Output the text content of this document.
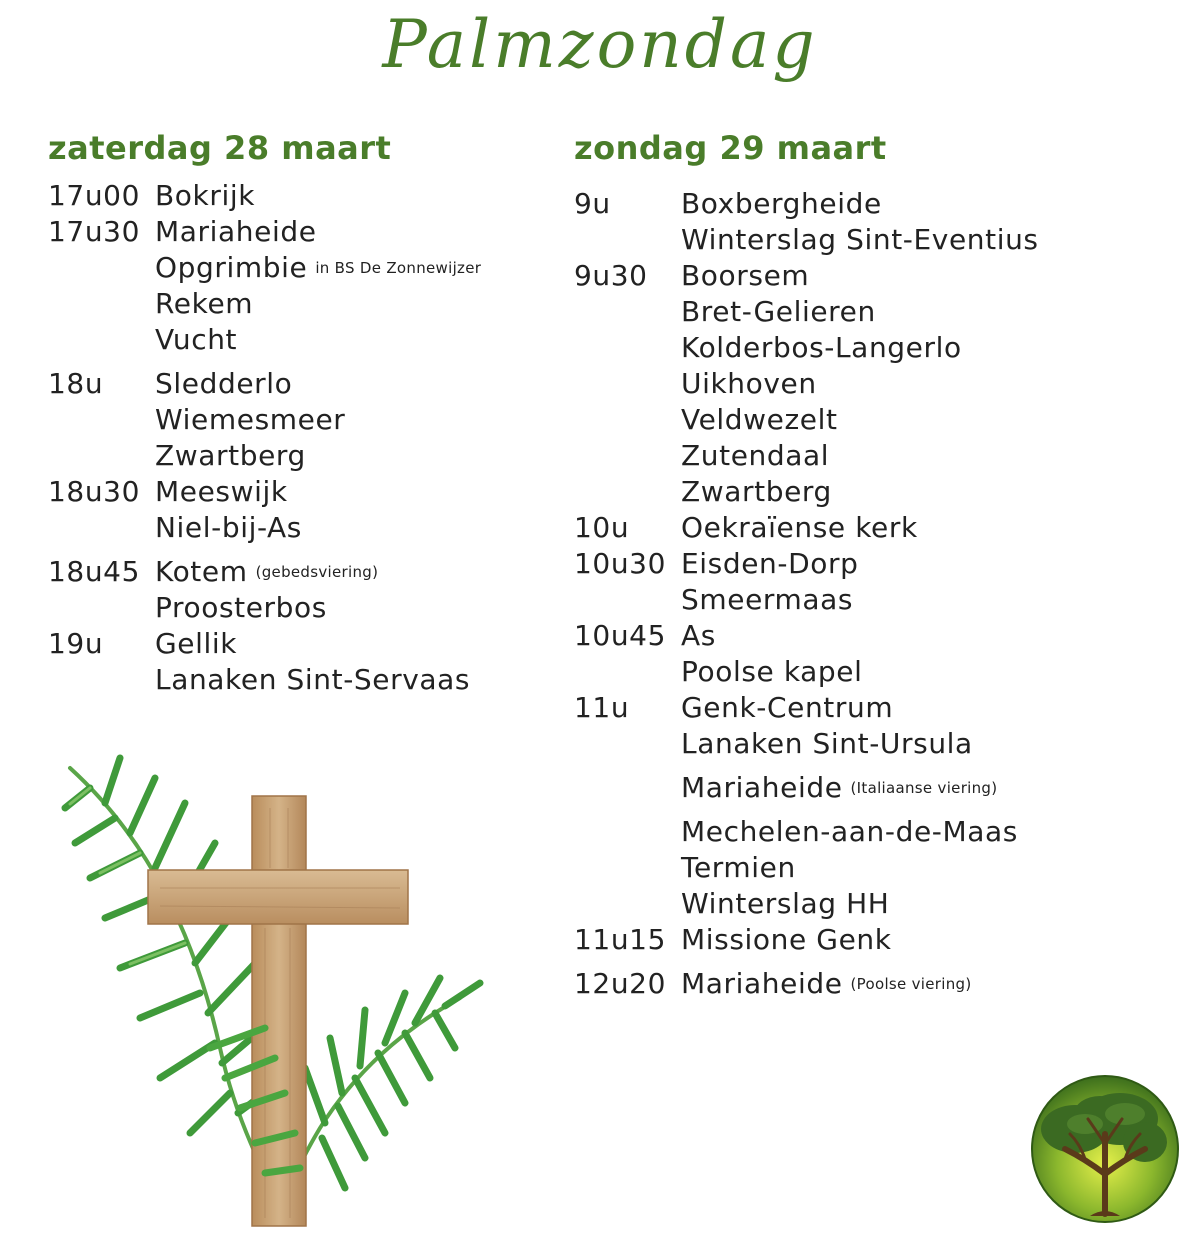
Palmzondag
zaterdag 28 maart
17u00 Bokrijk
17u30 Mariaheide
Opgrimbie in BS De Zonnewijzer
Rekem
Vucht
18u	Sledderlo
Wiemesmeer
Zwartberg
18u30 Meeswijk
Niel-bij-As
18u45 Kotem (gebedsviering)
Proosterbos
19u	Gellik
Lanaken Sint-Servaas
zondag 29 maart
9u	Boxbergheide
Winterslag Sint-Eventius
9u30	Boorsem
Bret-Gelieren
Kolderbos-Langerlo
Uikhoven
Veldwezelt
Zutendaal
Zwartberg
10u	Oekraïense kerk
10u30 Eisden-Dorp
Smeermaas
10u45 As
Poolse kapel
11u	Genk-Centrum
Lanaken Sint-Ursula
Mariaheide (Italiaanse viering)
Mechelen-aan-de-Maas
Termien
Winterslag HH
11u15 Missione Genk
12u20 Mariaheide (Poolse viering)
